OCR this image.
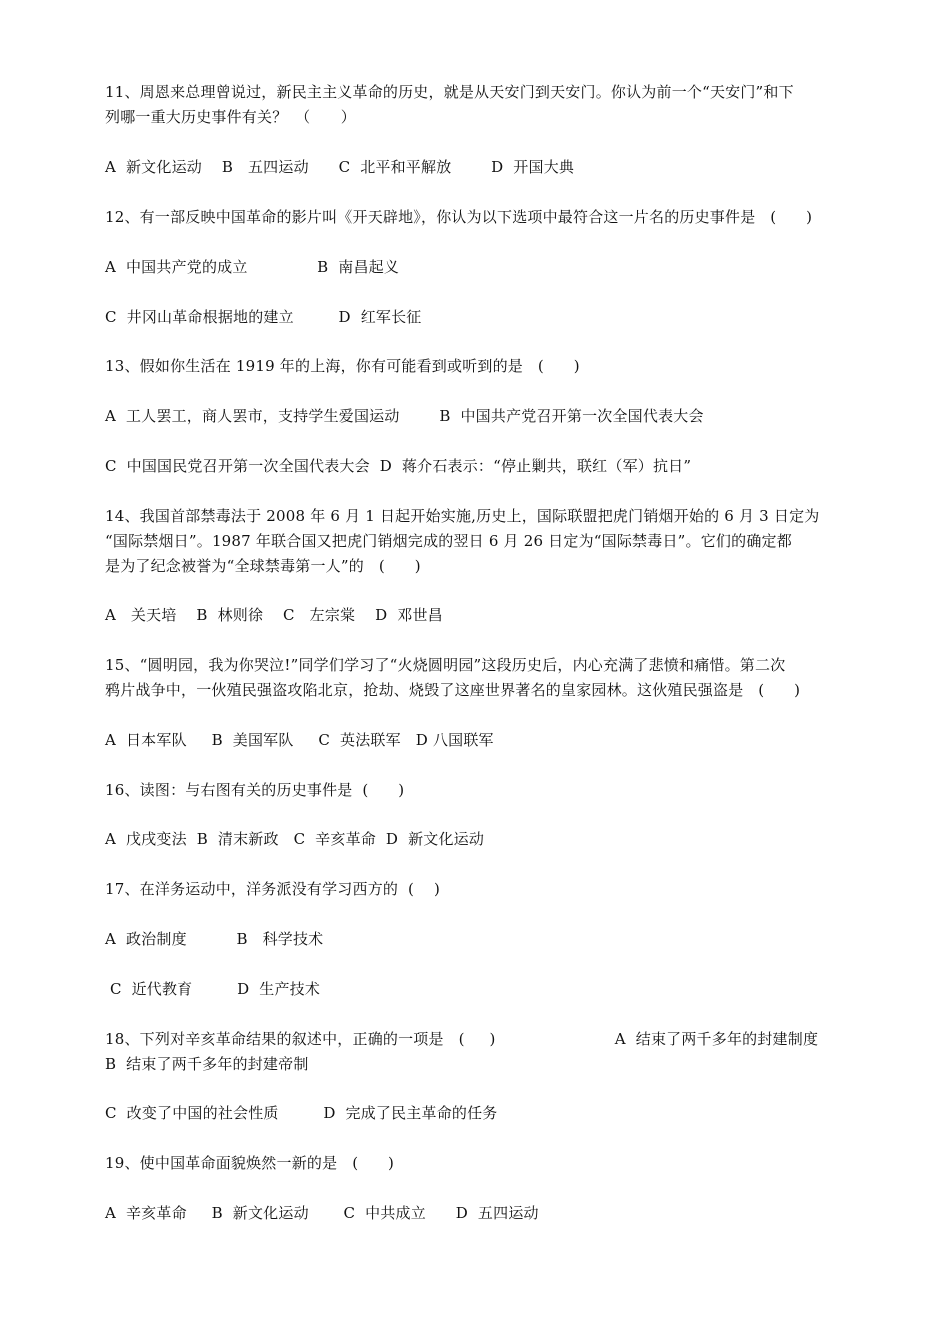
11、周恩来总理曾说过，新民主主义革命的历史，就是从天安门到天安门。你认为前一个“天安门”和下
列哪一重大历史事件有关？　（　　）
A  新文化运动    B   五四运动      C  北平和平解放        D  开国大典
12、有一部反映中国革命的影片叫《开天辟地》，你认为以下选项中最符合这一片名的历史事件是   (      )
A  中国共产党的成立              B  南昌起义
C  井冈山革命根据地的建立         D  红军长征
13、假如你生活在 1919 年的上海，你有可能看到或听到的是   (      )
A  工人罢工，商人罢市，支持学生爱国运动        B  中国共产党召开第一次全国代表大会
C  中国国民党召开第一次全国代表大会  D  蒋介石表示：“停止剿共，联红（军）抗日”
14、我国首部禁毒法于 2008 年 6 月 1 日起开始实施,历史上，国际联盟把虎门销烟开始的 6 月 3 日定为
“国际禁烟日”。1987 年联合国又把虎门销烟完成的翌日 6 月 26 日定为“国际禁毒日”。它们的确定都
是为了纪念被誉为“全球禁毒第一人”的   (      )
A   关天培    B  林则徐    C   左宗棠    D  邓世昌
15、“圆明园，我为你哭泣!”同学们学习了“火烧圆明园”这段历史后，内心充满了悲愤和痛惜。第二次
鸦片战争中，一伙殖民强盗攻陷北京，抢劫、烧毁了这座世界著名的皇家园林。这伙殖民强盗是   (      )
A  日本军队     B  美国军队     C  英法联军   D 八国联军
16、读图：与右图有关的历史事件是  (      )
A  戊戌变法  B  清末新政   C  辛亥革命  D  新文化运动
17、在洋务运动中，洋务派没有学习西方的  (    )
A  政治制度          B   科学技术
C  近代教育         D  生产技术
18、下列对辛亥革命结果的叙述中，正确的一项是   (     )                        A  结束了两千多年的封建制度
B  结束了两千多年的封建帝制
C  改变了中国的社会性质         D  完成了民主革命的任务
19、使中国革命面貌焕然一新的是   (      )
A  辛亥革命     B  新文化运动       C  中共成立      D  五四运动
